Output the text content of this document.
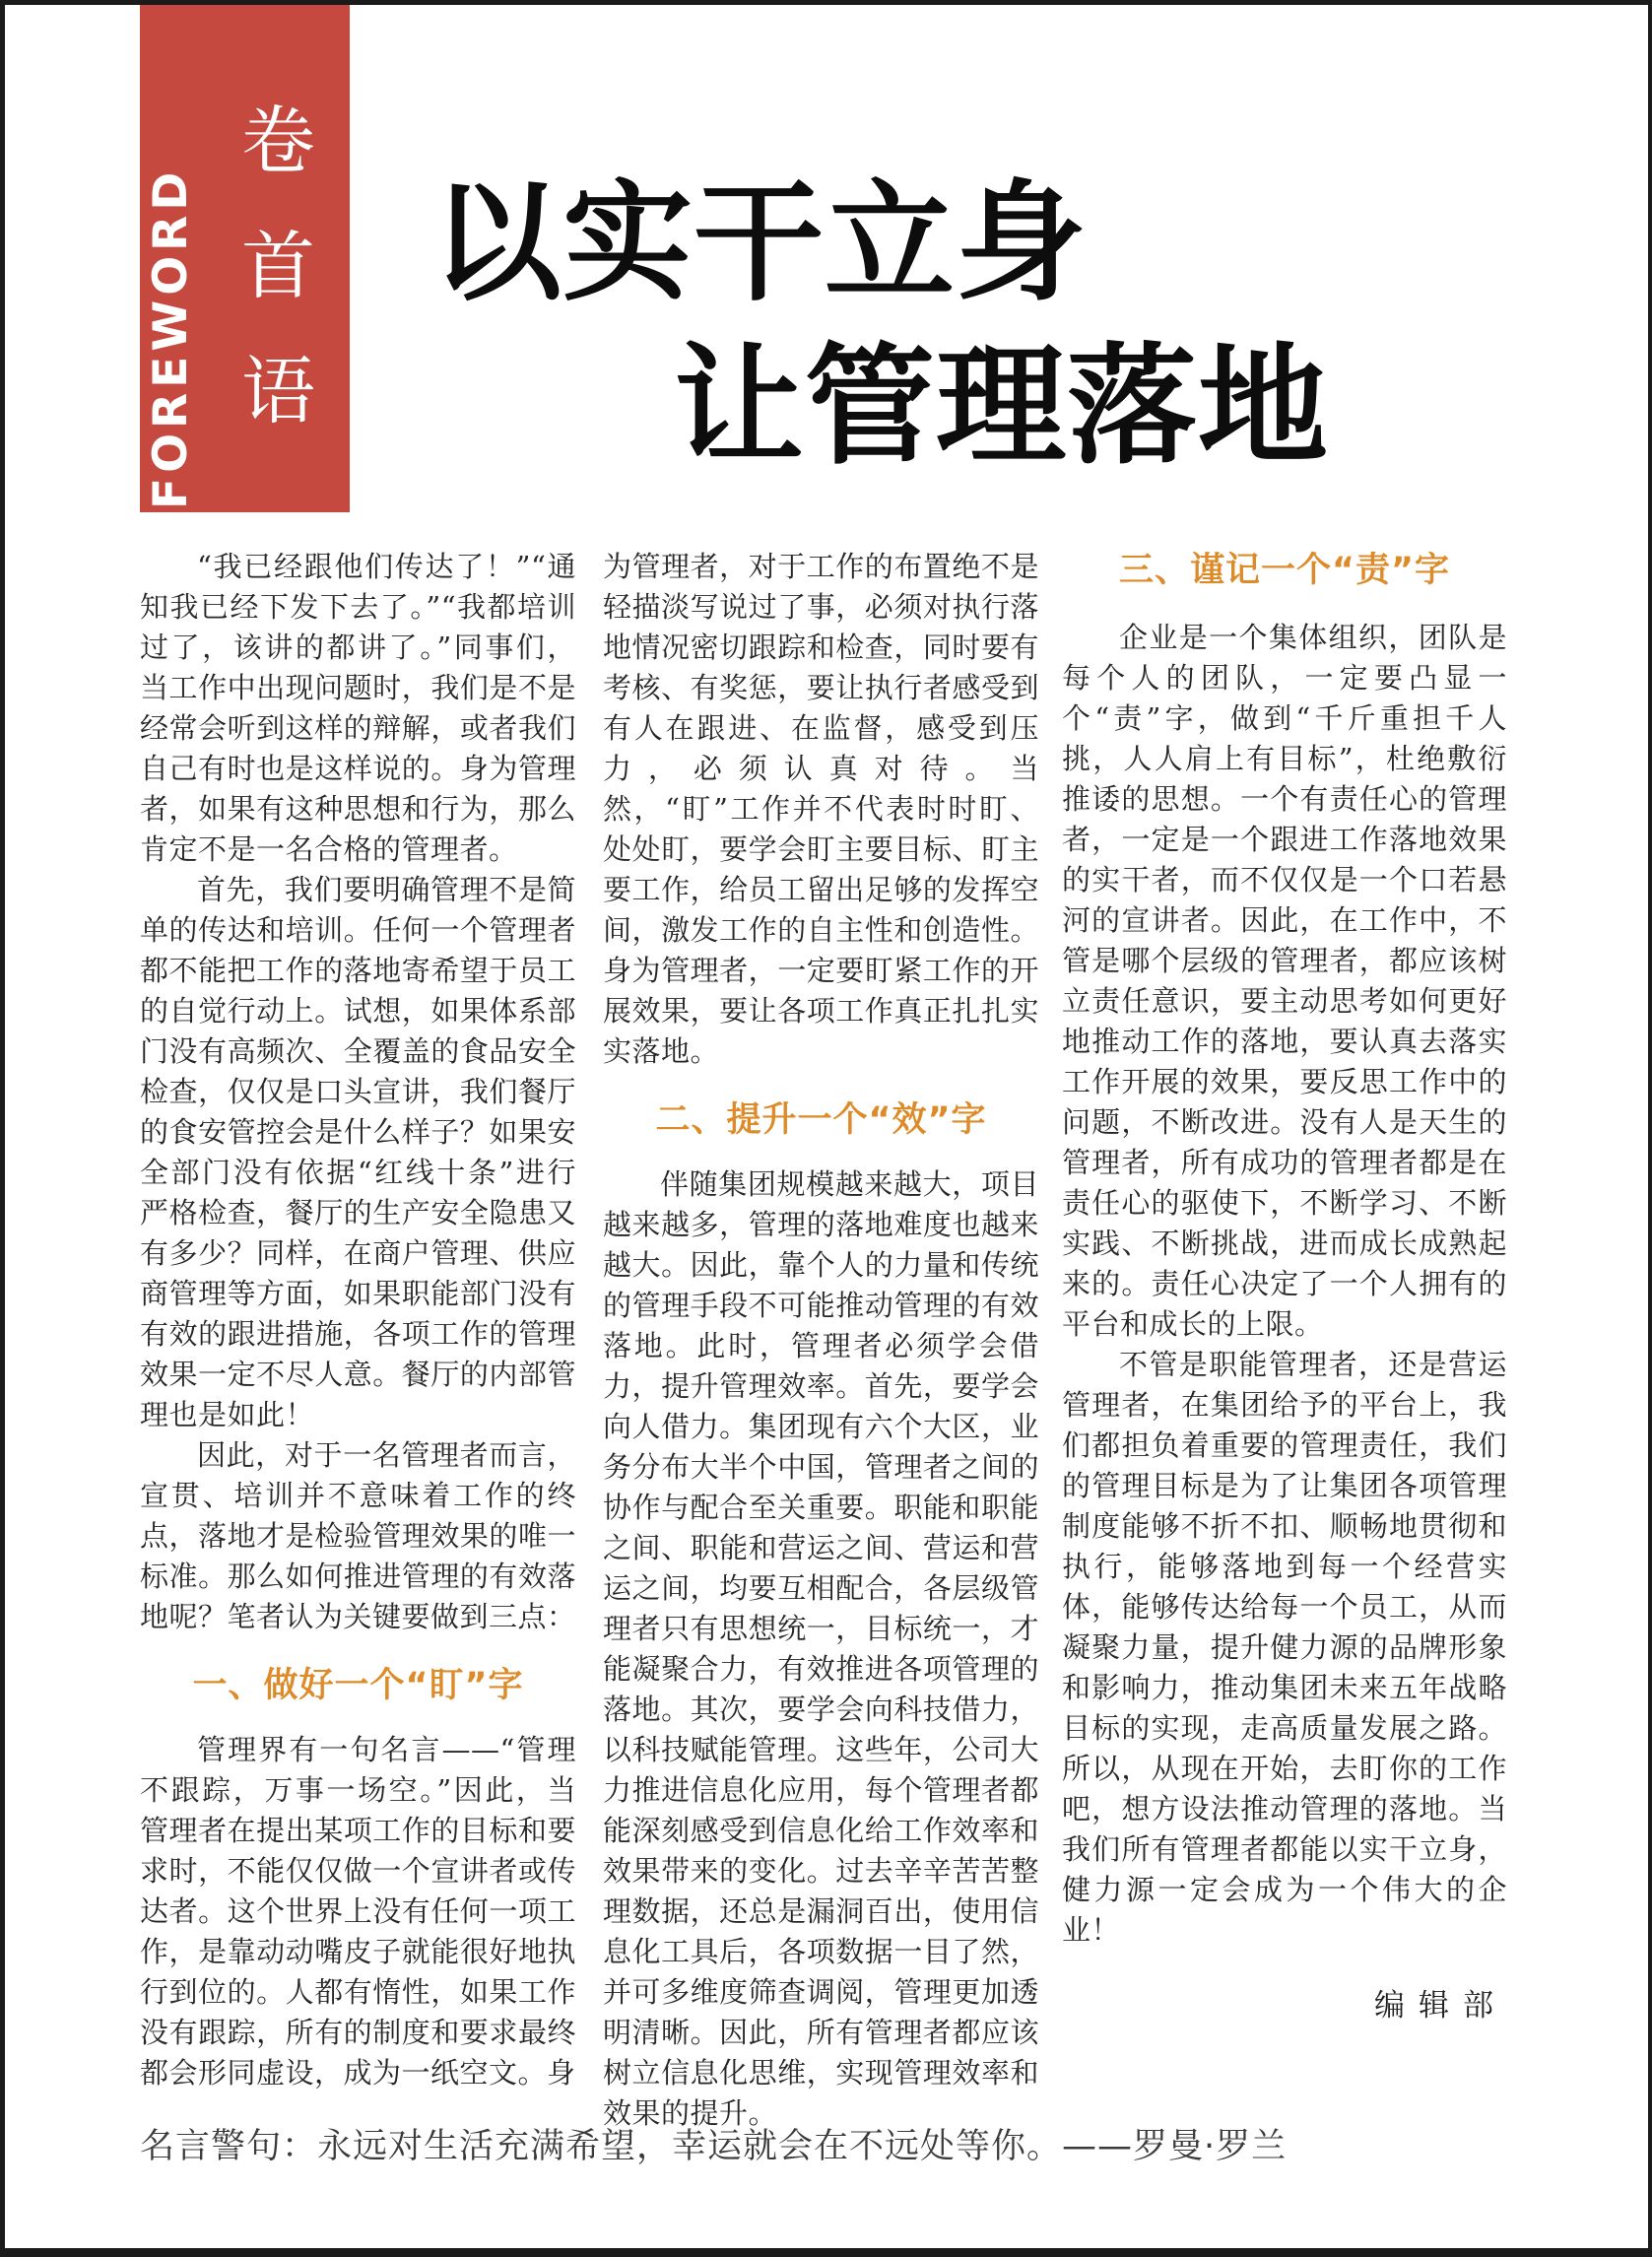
FOREWORD 卷首语 以实干立身
让管理落地

“我已经跟他们传达了！”“通知我已经下发下去了。”“我都培训过了，该讲的都讲了。”同事们，当工作中出现问题时，我们是不是经常会听到这样的辩解，或者我们自己有时也是这样说的。身为管理者，如果有这种思想和行为，那么肯定不是一名合格的管理者。

首先，我们要明确管理不是简单的传达和培训。任何一个管理者都不能把工作的落地寄希望于员工的自觉行动上。试想，如果体系部门没有高频次、全覆盖的食品安全检查，仅仅是口头宣讲，我们餐厅的食安管控会是什么样子？如果安全部门没有依据“红线十条”进行严格检查，餐厅的生产安全隐患又有多少？同样，在商户管理、供应商管理等方面，如果职能部门没有有效的跟进措施，各项工作的管理效果一定不尽人意。餐厅的内部管理也是如此！

因此，对于一名管理者而言，宣贯、培训并不意味着工作的终点，落地才是检验管理效果的唯一标准。那么如何推进管理的有效落地呢？笔者认为关键要做到三点：

一、做好一个“盯”字

管理界有一句名言——“管理不跟踪，万事一场空。”因此，当管理者在提出某项工作的目标和要求时，不能仅仅做一个宣讲者或传达者。这个世界上没有任何一项工作，是靠动动嘴皮子就能很好地执行到位的。人都有惰性，如果工作没有跟踪，所有的制度和要求最终都会形同虚设，成为一纸空文。身

为管理者，对于工作的布置绝不是轻描淡写说过了事，必须对执行落地情况密切跟踪和检查，同时要有考核、有奖惩，要让执行者感受到有人在跟进、在监督，感受到压力，必须认真对待。当然，“盯”工作并不代表时时盯、处处盯，要学会盯主要目标、盯主要工作，给员工留出足够的发挥空间，激发工作的自主性和创造性。身为管理者，一定要盯紧工作的开展效果，要让各项工作真正扎扎实实落地。

二、提升一个“效”字

伴随集团规模越来越大，项目越来越多，管理的落地难度也越来越大。因此，靠个人的力量和传统的管理手段不可能推动管理的有效落地。此时，管理者必须学会借力，提升管理效率。首先，要学会向人借力。集团现有六个大区，业务分布大半个中国，管理者之间的协作与配合至关重要。职能和职能之间、职能和营运之间、营运和营运之间，均要互相配合，各层级管理者只有思想统一，目标统一，才能凝聚合力，有效推进各项管理的落地。其次，要学会向科技借力，以科技赋能管理。这些年，公司大力推进信息化应用，每个管理者都能深刻感受到信息化给工作效率和效果带来的变化。过去辛辛苦苦整理数据，还总是漏洞百出，使用信息化工具后，各项数据一目了然，并可多维度筛查调阅，管理更加透明清晰。因此，所有管理者都应该树立信息化思维，实现管理效率和效果的提升。

三、谨记一个“责”字

企业是一个集体组织，团队是每个人的团队，一定要凸显一个“责”字，做到“千斤重担千人挑，人人肩上有目标”，杜绝敷衍推诿的思想。一个有责任心的管理者，一定是一个跟进工作落地效果的实干者，而不仅仅是一个口若悬河的宣讲者。因此，在工作中，不管是哪个层级的管理者，都应该树立责任意识，要主动思考如何更好地推动工作的落地，要认真去落实工作开展的效果，要反思工作中的问题，不断改进。没有人是天生的管理者，所有成功的管理者都是在责任心的驱使下，不断学习、不断实践、不断挑战，进而成长成熟起来的。责任心决定了一个人拥有的平台和成长的上限。

不管是职能管理者，还是营运管理者，在集团给予的平台上，我们都担负着重要的管理责任，我们的管理目标是为了让集团各项管理制度能够不折不扣、顺畅地贯彻和执行，能够落地到每一个经营实体，能够传达给每一个员工，从而凝聚力量，提升健力源的品牌形象和影响力，推动集团未来五年战略目标的实现，走高质量发展之路。所以，从现在开始，去盯你的工作吧，想方设法推动管理的落地。当我们所有管理者都能以实干立身，健力源一定会成为一个伟大的企业！

编辑部

名言警句：永远对生活充满希望，幸运就会在不远处等你。——罗曼·罗兰
